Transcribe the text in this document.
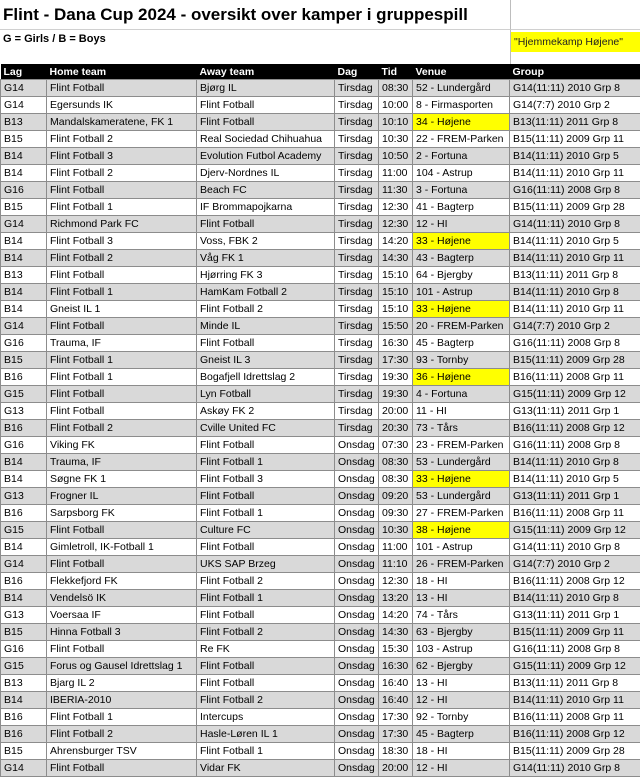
Flint - Dana Cup 2024 - oversikt over kamper i gruppespill
G = Girls / B = Boys	"Hjemmekamp Højene"
Lag	Home team	Away team	Dag	Tid	Venue	Group
G14	Flint Fotball	Bjørg IL	Tirsdag	08:30	52 - Lundergård	G14(11:11) 2010 Grp 8
G14	Egersunds IK	Flint Fotball	Tirsdag	10:00	8 - Firmasporten	G14(7:7) 2010 Grp 2
B13	Mandalskameratene, FK 1	Flint Fotball	Tirsdag	10:10	34 - Højene	B13(11:11) 2011 Grp 8
B15	Flint Fotball 2	Real Sociedad Chihuahua	Tirsdag	10:30	22 - FREM-Parken	B15(11:11) 2009 Grp 11
B14	Flint Fotball 3	Evolution Futbol Academy	Tirsdag	10:50	2 - Fortuna	B14(11:11) 2010 Grp 5
B14	Flint Fotball 2	Djerv-Nordnes IL	Tirsdag	11:00	104 - Astrup	B14(11:11) 2010 Grp 11
G16	Flint Fotball	Beach FC	Tirsdag	11:30	3 - Fortuna	G16(11:11) 2008 Grp 8
B15	Flint Fotball 1	IF Brommapojkarna	Tirsdag	12:30	41 - Bagterp	B15(11:11) 2009 Grp 28
G14	Richmond Park FC	Flint Fotball	Tirsdag	12:30	12 - HI	G14(11:11) 2010 Grp 8
B14	Flint Fotball 3	Voss, FBK 2	Tirsdag	14:20	33 - Højene	B14(11:11) 2010 Grp 5
B14	Flint Fotball 2	Våg FK 1	Tirsdag	14:30	43 - Bagterp	B14(11:11) 2010 Grp 11
B13	Flint Fotball	Hjørring FK 3	Tirsdag	15:10	64 - Bjergby	B13(11:11) 2011 Grp 8
B14	Flint Fotball 1	HamKam Fotball 2	Tirsdag	15:10	101 - Astrup	B14(11:11) 2010 Grp 8
B14	Gneist IL 1	Flint Fotball 2	Tirsdag	15:10	33 - Højene	B14(11:11) 2010 Grp 11
G14	Flint Fotball	Minde IL	Tirsdag	15:50	20 - FREM-Parken	G14(7:7) 2010 Grp 2
G16	Trauma, IF	Flint Fotball	Tirsdag	16:30	45 - Bagterp	G16(11:11) 2008 Grp 8
B15	Flint Fotball 1	Gneist IL 3	Tirsdag	17:30	93 - Tornby	B15(11:11) 2009 Grp 28
B16	Flint Fotball 1	Bogafjell Idrettslag 2	Tirsdag	19:30	36 - Højene	B16(11:11) 2008 Grp 11
G15	Flint Fotball	Lyn Fotball	Tirsdag	19:30	4 - Fortuna	G15(11:11) 2009 Grp 12
G13	Flint Fotball	Askøy FK 2	Tirsdag	20:00	11 - HI	G13(11:11) 2011 Grp 1
B16	Flint Fotball 2	Cville United FC	Tirsdag	20:30	73 - Tårs	B16(11:11) 2008 Grp 12
G16	Viking FK	Flint Fotball	Onsdag	07:30	23 - FREM-Parken	G16(11:11) 2008 Grp 8
B14	Trauma, IF	Flint Fotball 1	Onsdag	08:30	53 - Lundergård	B14(11:11) 2010 Grp 8
B14	Søgne FK 1	Flint Fotball 3	Onsdag	08:30	33 - Højene	B14(11:11) 2010 Grp 5
G13	Frogner IL	Flint Fotball	Onsdag	09:20	53 - Lundergård	G13(11:11) 2011 Grp 1
B16	Sarpsborg FK	Flint Fotball 1	Onsdag	09:30	27 - FREM-Parken	B16(11:11) 2008 Grp 11
G15	Flint Fotball	Culture FC	Onsdag	10:30	38 - Højene	G15(11:11) 2009 Grp 12
B14	Gimletroll, IK-Fotball 1	Flint Fotball	Onsdag	11:00	101 - Astrup	G14(11:11) 2010 Grp 8
G14	Flint Fotball	UKS SAP Brzeg	Onsdag	11:10	26 - FREM-Parken	G14(7:7) 2010 Grp 2
B16	Flekkefjord FK	Flint Fotball 2	Onsdag	12:30	18 - HI	B16(11:11) 2008 Grp 12
B14	Vendelsö IK	Flint Fotball 1	Onsdag	13:20	13 - HI	B14(11:11) 2010 Grp 8
G13	Voersaa IF	Flint Fotball	Onsdag	14:20	74 - Tårs	G13(11:11) 2011 Grp 1
B15	Hinna Fotball 3	Flint Fotball 2	Onsdag	14:30	63 - Bjergby	B15(11:11) 2009 Grp 11
G16	Flint Fotball	Re FK	Onsdag	15:30	103 - Astrup	G16(11:11) 2008 Grp 8
G15	Forus og Gausel Idrettslag 1	Flint Fotball	Onsdag	16:30	62 - Bjergby	G15(11:11) 2009 Grp 12
B13	Bjarg IL 2	Flint Fotball	Onsdag	16:40	13 - HI	B13(11:11) 2011 Grp 8
B14	IBERIA-2010	Flint Fotball 2	Onsdag	16:40	12 - HI	B14(11:11) 2010 Grp 11
B16	Flint Fotball 1	Intercups	Onsdag	17:30	92 - Tornby	B16(11:11) 2008 Grp 11
B16	Flint Fotball 2	Hasle-Løren IL 1	Onsdag	17:30	45 - Bagterp	B16(11:11) 2008 Grp 12
B15	Ahrensburger TSV	Flint Fotball 1	Onsdag	18:30	18 - HI	B15(11:11) 2009 Grp 28
G14	Flint Fotball	Vidar FK	Onsdag	20:00	12 - HI	G14(11:11) 2010 Grp 8
